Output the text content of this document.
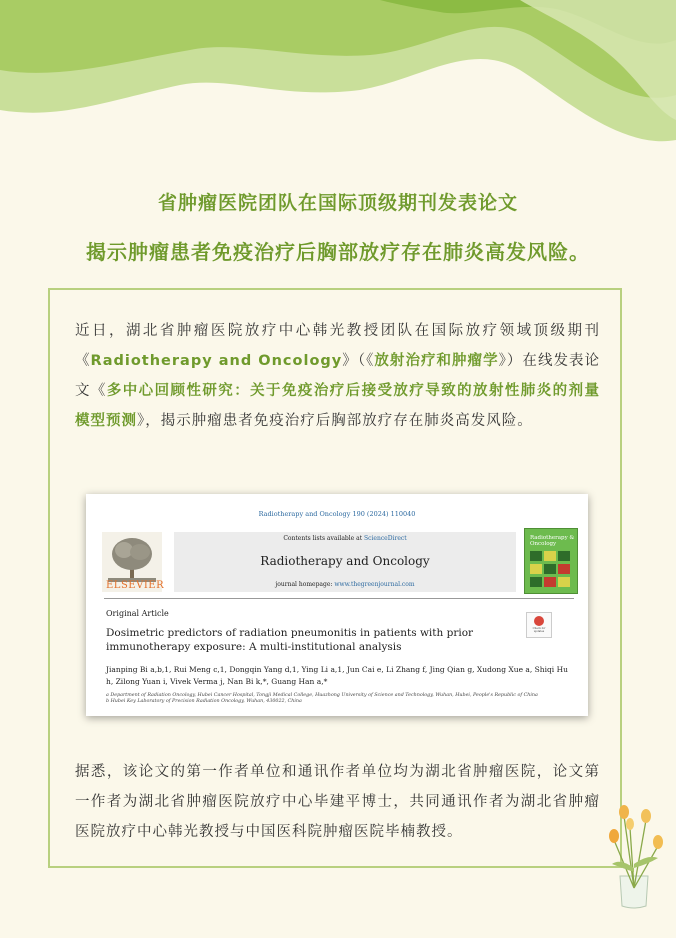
省肿瘤医院团队在国际顶级期刊发表论文
揭示肿瘤患者免疫治疗后胸部放疗存在肺炎高发风险。
近日，湖北省肿瘤医院放疗中心韩光教授团队在国际放疗领域顶级期刊《Radiotherapy and Oncology》（《放射治疗和肿瘤学》）在线发表论文《多中心回顾性研究：关于免疫治疗后接受放疗导致的放射性肺炎的剂量模型预测》，揭示肿瘤患者免疫治疗后胸部放疗存在肺炎高发风险。
Radiotherapy and Oncology 190 (2024) 110040
ELSEVIER
Contents lists available at ScienceDirect
Radiotherapy and Oncology
journal homepage: www.thegreenjournal.com
Radiotherapy & Oncology
Original Article
Dosimetric predictors of radiation pneumonitis in patients with prior immunotherapy exposure: A multi-institutional analysis
Check for updates
Jianping Bi a,b,1, Rui Meng c,1, Dongqin Yang d,1, Ying Li a,1, Jun Cai e, Li Zhang f, Jing Qian g, Xudong Xue a, Shiqi Hu h, Zilong Yuan i, Vivek Verma j, Nan Bi k,*, Guang Han a,*
a Department of Radiation Oncology, Hubei Cancer Hospital, Tongji Medical College, Huazhong University of Science and Technology, Wuhan, Hubei, People's Republic of China
b Hubei Key Laboratory of Precision Radiation Oncology, Wuhan, 430022, China
据悉，该论文的第一作者单位和通讯作者单位均为湖北省肿瘤医院，论文第一作者为湖北省肿瘤医院放疗中心毕建平博士，共同通讯作者为湖北省肿瘤医院放疗中心韩光教授与中国医科院肿瘤医院毕楠教授。
